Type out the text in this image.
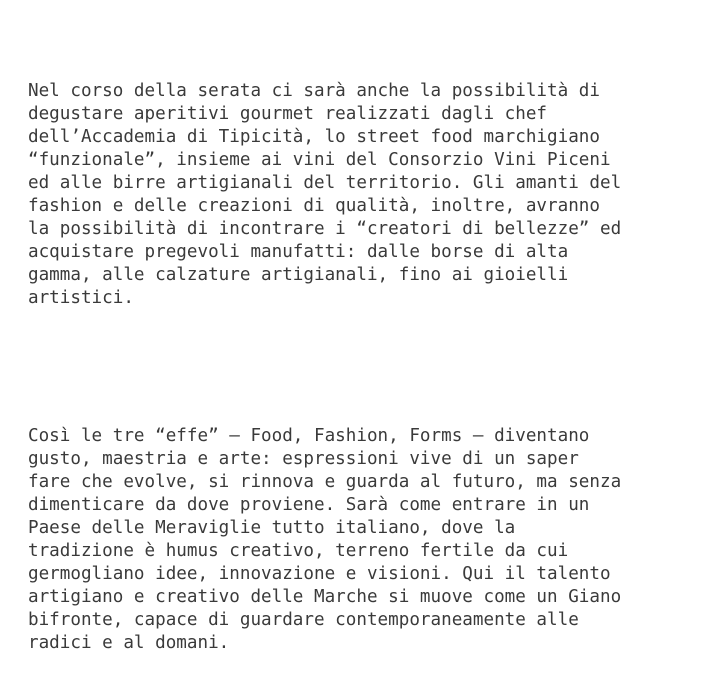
Nel corso della serata ci sarà anche la possibilità di
degustare aperitivi gourmet realizzati dagli chef
dell’Accademia di Tipicità, lo street food marchigiano
“funzionale”, insieme ai vini del Consorzio Vini Piceni
ed alle birre artigianali del territorio. Gli amanti del
fashion e delle creazioni di qualità, inoltre, avranno
la possibilità di incontrare i “creatori di bellezze” ed
acquistare pregevoli manufatti: dalle borse di alta
gamma, alle calzature artigianali, fino ai gioielli
artistici.

Così le tre “effe” – Food, Fashion, Forms – diventano
gusto, maestria e arte: espressioni vive di un saper
fare che evolve, si rinnova e guarda al futuro, ma senza
dimenticare da dove proviene. Sarà come entrare in un
Paese delle Meraviglie tutto italiano, dove la
tradizione è humus creativo, terreno fertile da cui
germogliano idee, innovazione e visioni. Qui il talento
artigiano e creativo delle Marche si muove come un Giano
bifronte, capace di guardare contemporaneamente alle
radici e al domani.
